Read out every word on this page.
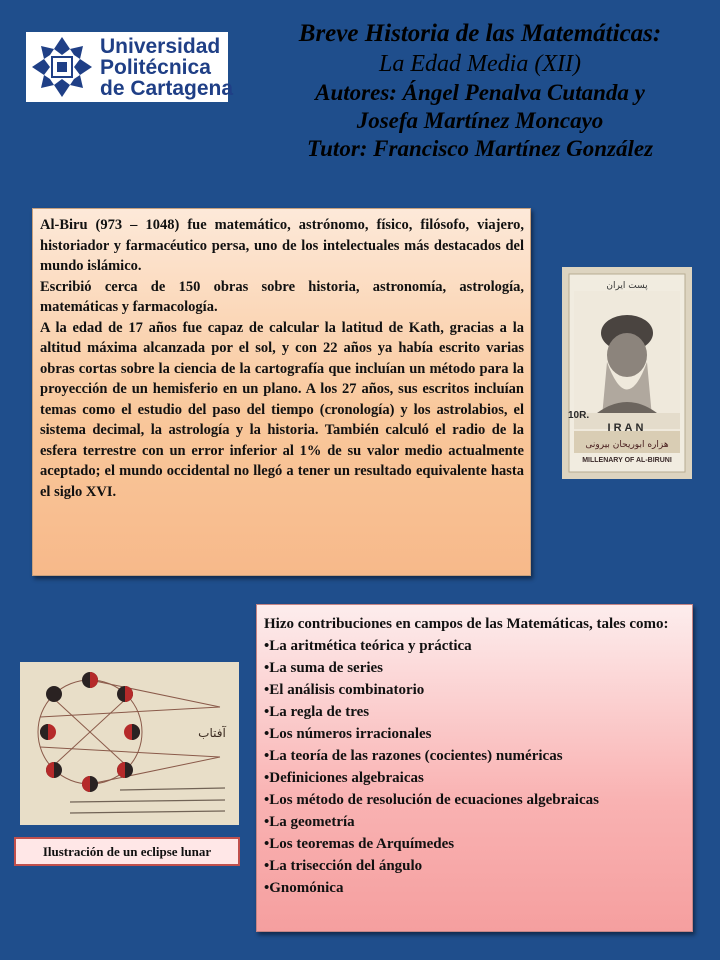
Universidad
Politécnica
de Cartagena
Breve Historia de las Matemáticas:
La Edad Media (XII)
Autores: Ángel Penalva Cutanda y
Josefa Martínez Moncayo
Tutor: Francisco Martínez González

Al-Biru (973 – 1048) fue matemático, astrónomo, físico, filósofo, viajero, historiador y farmacéutico persa, uno de los intelectuales más destacados del mundo islámico.

Escribió cerca de 150 obras sobre historia, astronomía, astrología, matemáticas y farmacología.

A la edad de 17 años fue capaz de calcular la latitud de Kath, gracias a la altitud máxima alcanzada por el sol, y con 22 años ya había escrito varias obras cortas sobre la ciencia de la cartografía que incluían un método para la proyección de un hemisferio en un plano. A los 27 años, sus escritos incluían temas como el estudio del paso del tiempo (cronología) y los astrolabios, el sistema decimal, la astrología y la historia. También calculó el radio de la esfera terrestre con un error inferior al 1% de su valor medio actualmente aceptado; el mundo occidental no llegó a tener un resultado equivalente hasta el siglo XVI.

پست ایران
هزاره ابوریحان بیرونی
10R.
IRAN
MILLENARY OF AL-BIRUNI
آفتاب
Ilustración de un eclipse lunar
Hizo contribuciones en campos de las Matemáticas, tales como:
• La aritmética teórica y práctica
• La suma de series
• El análisis combinatorio
• La regla de tres
• Los números irracionales
• La teoría de las razones (cocientes) numéricas
• Definiciones algebraicas
• Los método de resolución de ecuaciones algebraicas
• La geometría
• Los teoremas de Arquímedes
• La trisección del ángulo
• Gnomónica
